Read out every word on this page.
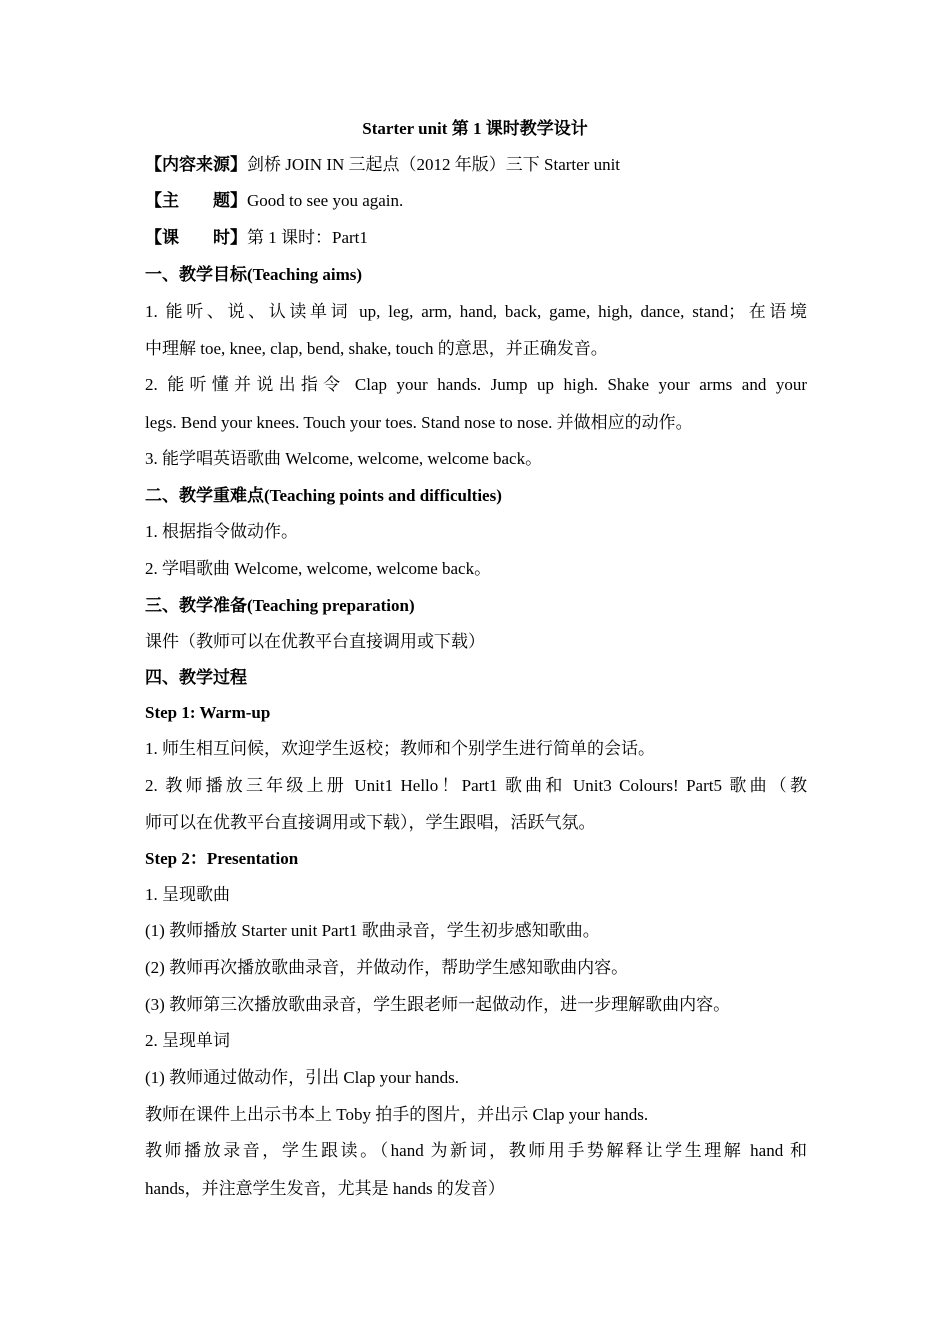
Starter unit 第 1 课时教学设计
【内容来源】剑桥 JOIN IN 三起点（2012 年版）三下 Starter unit
【主　　题】Good to see you again.
【课　　时】第 1 课时：Part1
一、教学目标(Teaching aims)
1. 能听、说、认读单词 up, leg, arm, hand, back, game, high, dance, stand；在语境
中理解 toe, knee, clap, bend, shake, touch 的意思，并正确发音。
2. 能听懂并说出指令 Clap your hands. Jump up high. Shake your arms and your
legs. Bend your knees. Touch your toes. Stand nose to nose. 并做相应的动作。
3. 能学唱英语歌曲 Welcome, welcome, welcome back。
二、教学重难点(Teaching points and difficulties)
1. 根据指令做动作。
2. 学唱歌曲 Welcome, welcome, welcome back。
三、教学准备(Teaching preparation)
课件（教师可以在优教平台直接调用或下载）
四、教学过程
Step 1: Warm-up
1. 师生相互问候，欢迎学生返校；教师和个别学生进行简单的会话。
2. 教师播放三年级上册 Unit1 Hello！Part1 歌曲和 Unit3 Colours! Part5 歌曲（教
师可以在优教平台直接调用或下载），学生跟唱，活跃气氛。
Step 2：Presentation
1. 呈现歌曲
(1) 教师播放 Starter unit Part1 歌曲录音，学生初步感知歌曲。
(2) 教师再次播放歌曲录音，并做动作，帮助学生感知歌曲内容。
(3) 教师第三次播放歌曲录音，学生跟老师一起做动作，进一步理解歌曲内容。
2. 呈现单词
(1) 教师通过做动作，引出 Clap your hands.
教师在课件上出示书本上 Toby 拍手的图片，并出示 Clap your hands.
教师播放录音，学生跟读。（hand 为新词，教师用手势解释让学生理解 hand 和
hands，并注意学生发音，尤其是 hands 的发音）
